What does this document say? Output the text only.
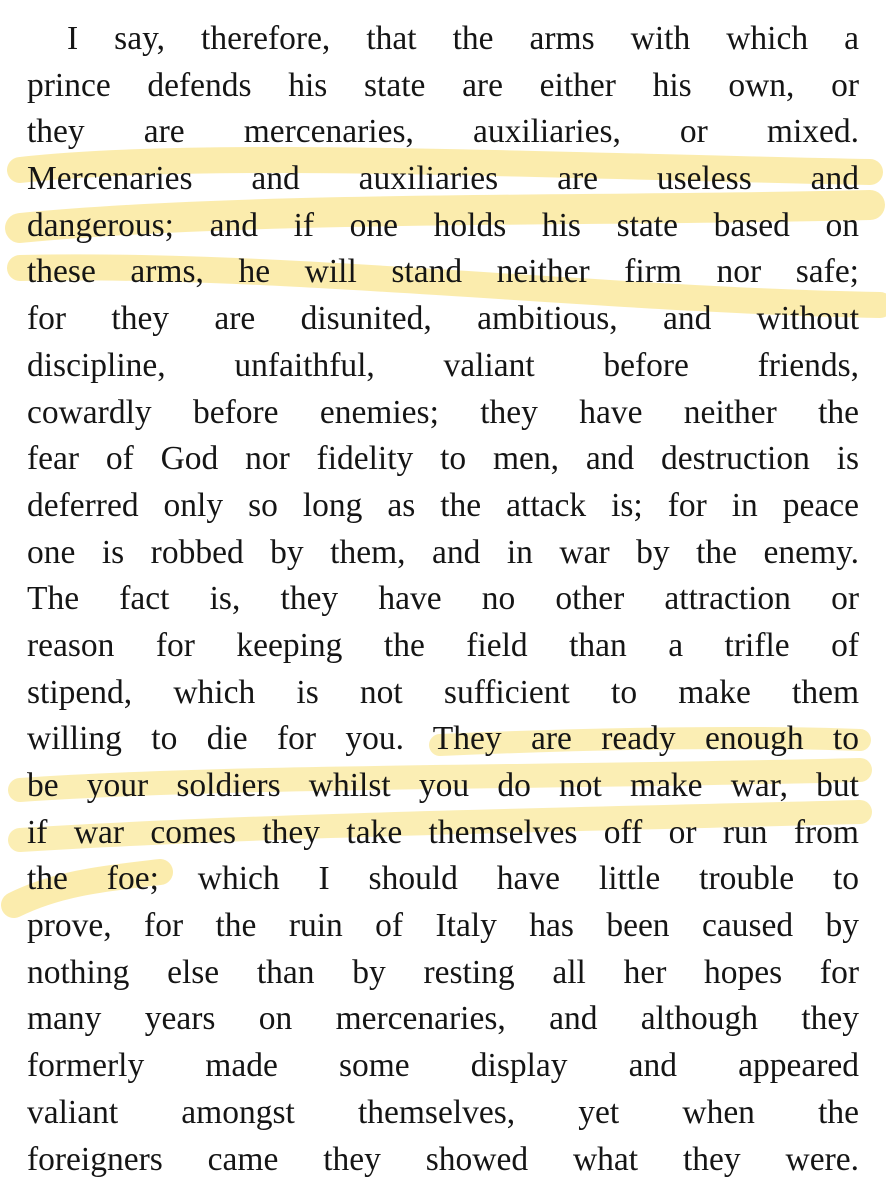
I say, therefore, that the arms with which a
prince defends his state are either his own, or
they are mercenaries, auxiliaries, or mixed.
Mercenaries and auxiliaries are useless and
dangerous; and if one holds his state based on
these arms, he will stand neither firm nor safe;
for they are disunited, ambitious, and without
discipline, unfaithful, valiant before friends,
cowardly before enemies; they have neither the
fear of God nor fidelity to men, and destruction is
deferred only so long as the attack is; for in peace
one is robbed by them, and in war by the enemy.
The fact is, they have no other attraction or
reason for keeping the field than a trifle of
stipend, which is not sufficient to make them
willing to die for you. They are ready enough to
be your soldiers whilst you do not make war, but
if war comes they take themselves off or run from
the foe; which I should have little trouble to
prove, for the ruin of Italy has been caused by
nothing else than by resting all her hopes for
many years on mercenaries, and although they
formerly made some display and appeared
valiant amongst themselves, yet when the
foreigners came they showed what they were.
